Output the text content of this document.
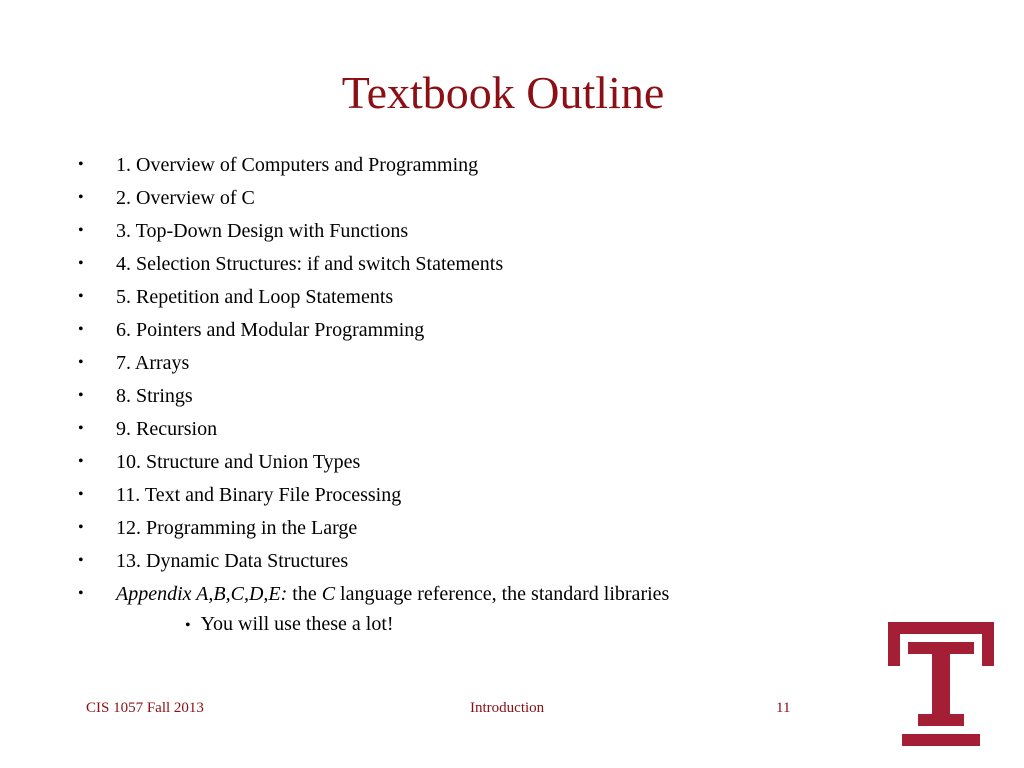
Textbook Outline
• 1. Overview of Computers and Programming
• 2. Overview of C
• 3. Top-Down Design with Functions
• 4. Selection Structures: if and switch Statements
• 5. Repetition and Loop Statements
• 6. Pointers and Modular Programming
• 7. Arrays
• 8. Strings
• 9. Recursion
• 10. Structure and Union Types
• 11. Text and Binary File Processing
• 12. Programming in the Large
• 13. Dynamic Data Structures
• Appendix A,B,C,D,E: the C language reference, the standard libraries
• You will use these a lot!
CIS 1057 Fall 2013	Introduction	11
